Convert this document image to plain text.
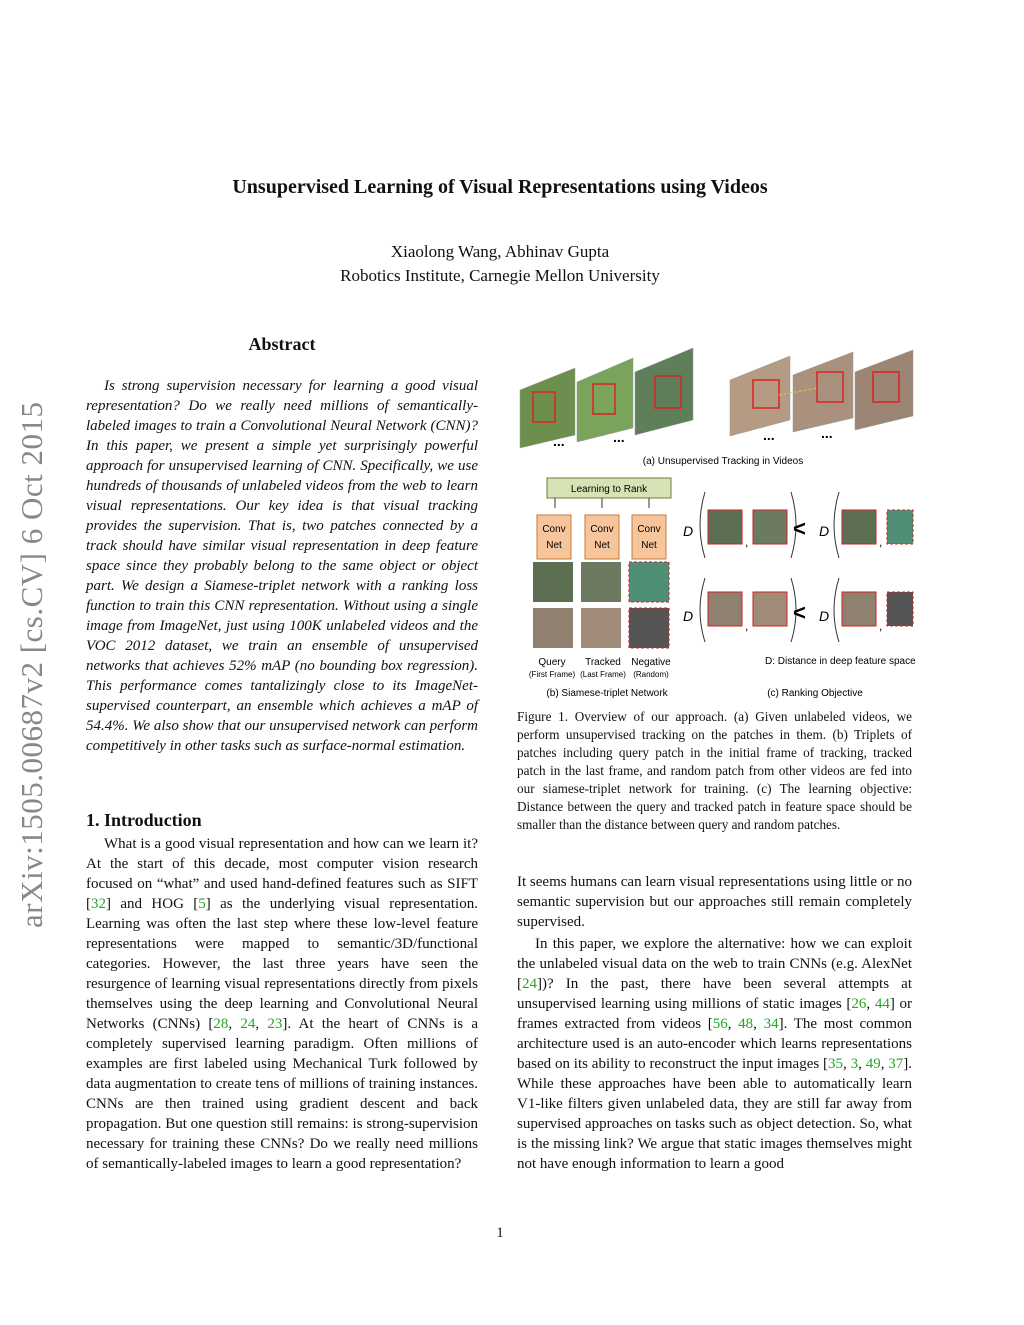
arXiv:1505.00687v2 [cs.CV] 6 Oct 2015
Unsupervised Learning of Visual Representations using Videos
Xiaolong Wang, Abhinav Gupta
Robotics Institute, Carnegie Mellon University
Abstract
Is strong supervision necessary for learning a good visual representation? Do we really need millions of semantically-labeled images to train a Convolutional Neural Network (CNN)? In this paper, we present a simple yet surprisingly powerful approach for unsupervised learning of CNN. Specifically, we use hundreds of thousands of unlabeled videos from the web to learn visual representations. Our key idea is that visual tracking provides the supervision. That is, two patches connected by a track should have similar visual representation in deep feature space since they probably belong to the same object or object part. We design a Siamese-triplet network with a ranking loss function to train this CNN representation. Without using a single image from ImageNet, just using 100K unlabeled videos and the VOC 2012 dataset, we train an ensemble of unsupervised networks that achieves 52% mAP (no bounding box regression). This performance comes tantalizingly close to its ImageNet-supervised counterpart, an ensemble which achieves a mAP of 54.4%. We also show that our unsupervised network can perform competitively in other tasks such as surface-normal estimation.
1. Introduction
What is a good visual representation and how can we learn it? At the start of this decade, most computer vision research focused on “what” and used hand-defined features such as SIFT [32] and HOG [5] as the underlying visual representation. Learning was often the last step where these low-level feature representations were mapped to semantic/3D/functional categories. However, the last three years have seen the resurgence of learning visual representations directly from pixels themselves using the deep learning and Convolutional Neural Networks (CNNs) [28, 24, 23]. At the heart of CNNs is a completely supervised learning paradigm. Often millions of examples are first labeled using Mechanical Turk followed by data augmentation to create tens of millions of training instances. CNNs are then trained using gradient descent and back propagation. But one question still remains: is strong-supervision necessary for training these CNNs? Do we really need millions of semantically-labeled images to learn a good representation?
...	...	...	...
(a) Unsupervised Tracking in Videos
Learning to Rank
Conv
Net
Conv
Net
Conv
Net
Query
(First Frame)
Tracked
(Last Frame)
Negative
(Random)
(b) Siamese-triplet Network
D
,
< D
,
D
,
< D
,
D: Distance in deep feature space
(c) Ranking Objective
Figure 1. Overview of our approach. (a) Given unlabeled videos, we perform unsupervised tracking on the patches in them. (b) Triplets of patches including query patch in the initial frame of tracking, tracked patch in the last frame, and random patch from other videos are fed into our siamese-triplet network for training. (c) The learning objective: Distance between the query and tracked patch in feature space should be smaller than the distance between query and random patches.
It seems humans can learn visual representations using little or no semantic supervision but our approaches still remain completely supervised.
In this paper, we explore the alternative: how we can exploit the unlabeled visual data on the web to train CNNs (e.g. AlexNet [24])? In the past, there have been several attempts at unsupervised learning using millions of static images [26, 44] or frames extracted from videos [56, 48, 34]. The most common architecture used is an auto-encoder which learns representations based on its ability to reconstruct the input images [35, 3, 49, 37]. While these approaches have been able to automatically learn V1-like filters given unlabeled data, they are still far away from supervised approaches on tasks such as object detection. So, what is the missing link? We argue that static images themselves might not have enough information to learn a good
1
